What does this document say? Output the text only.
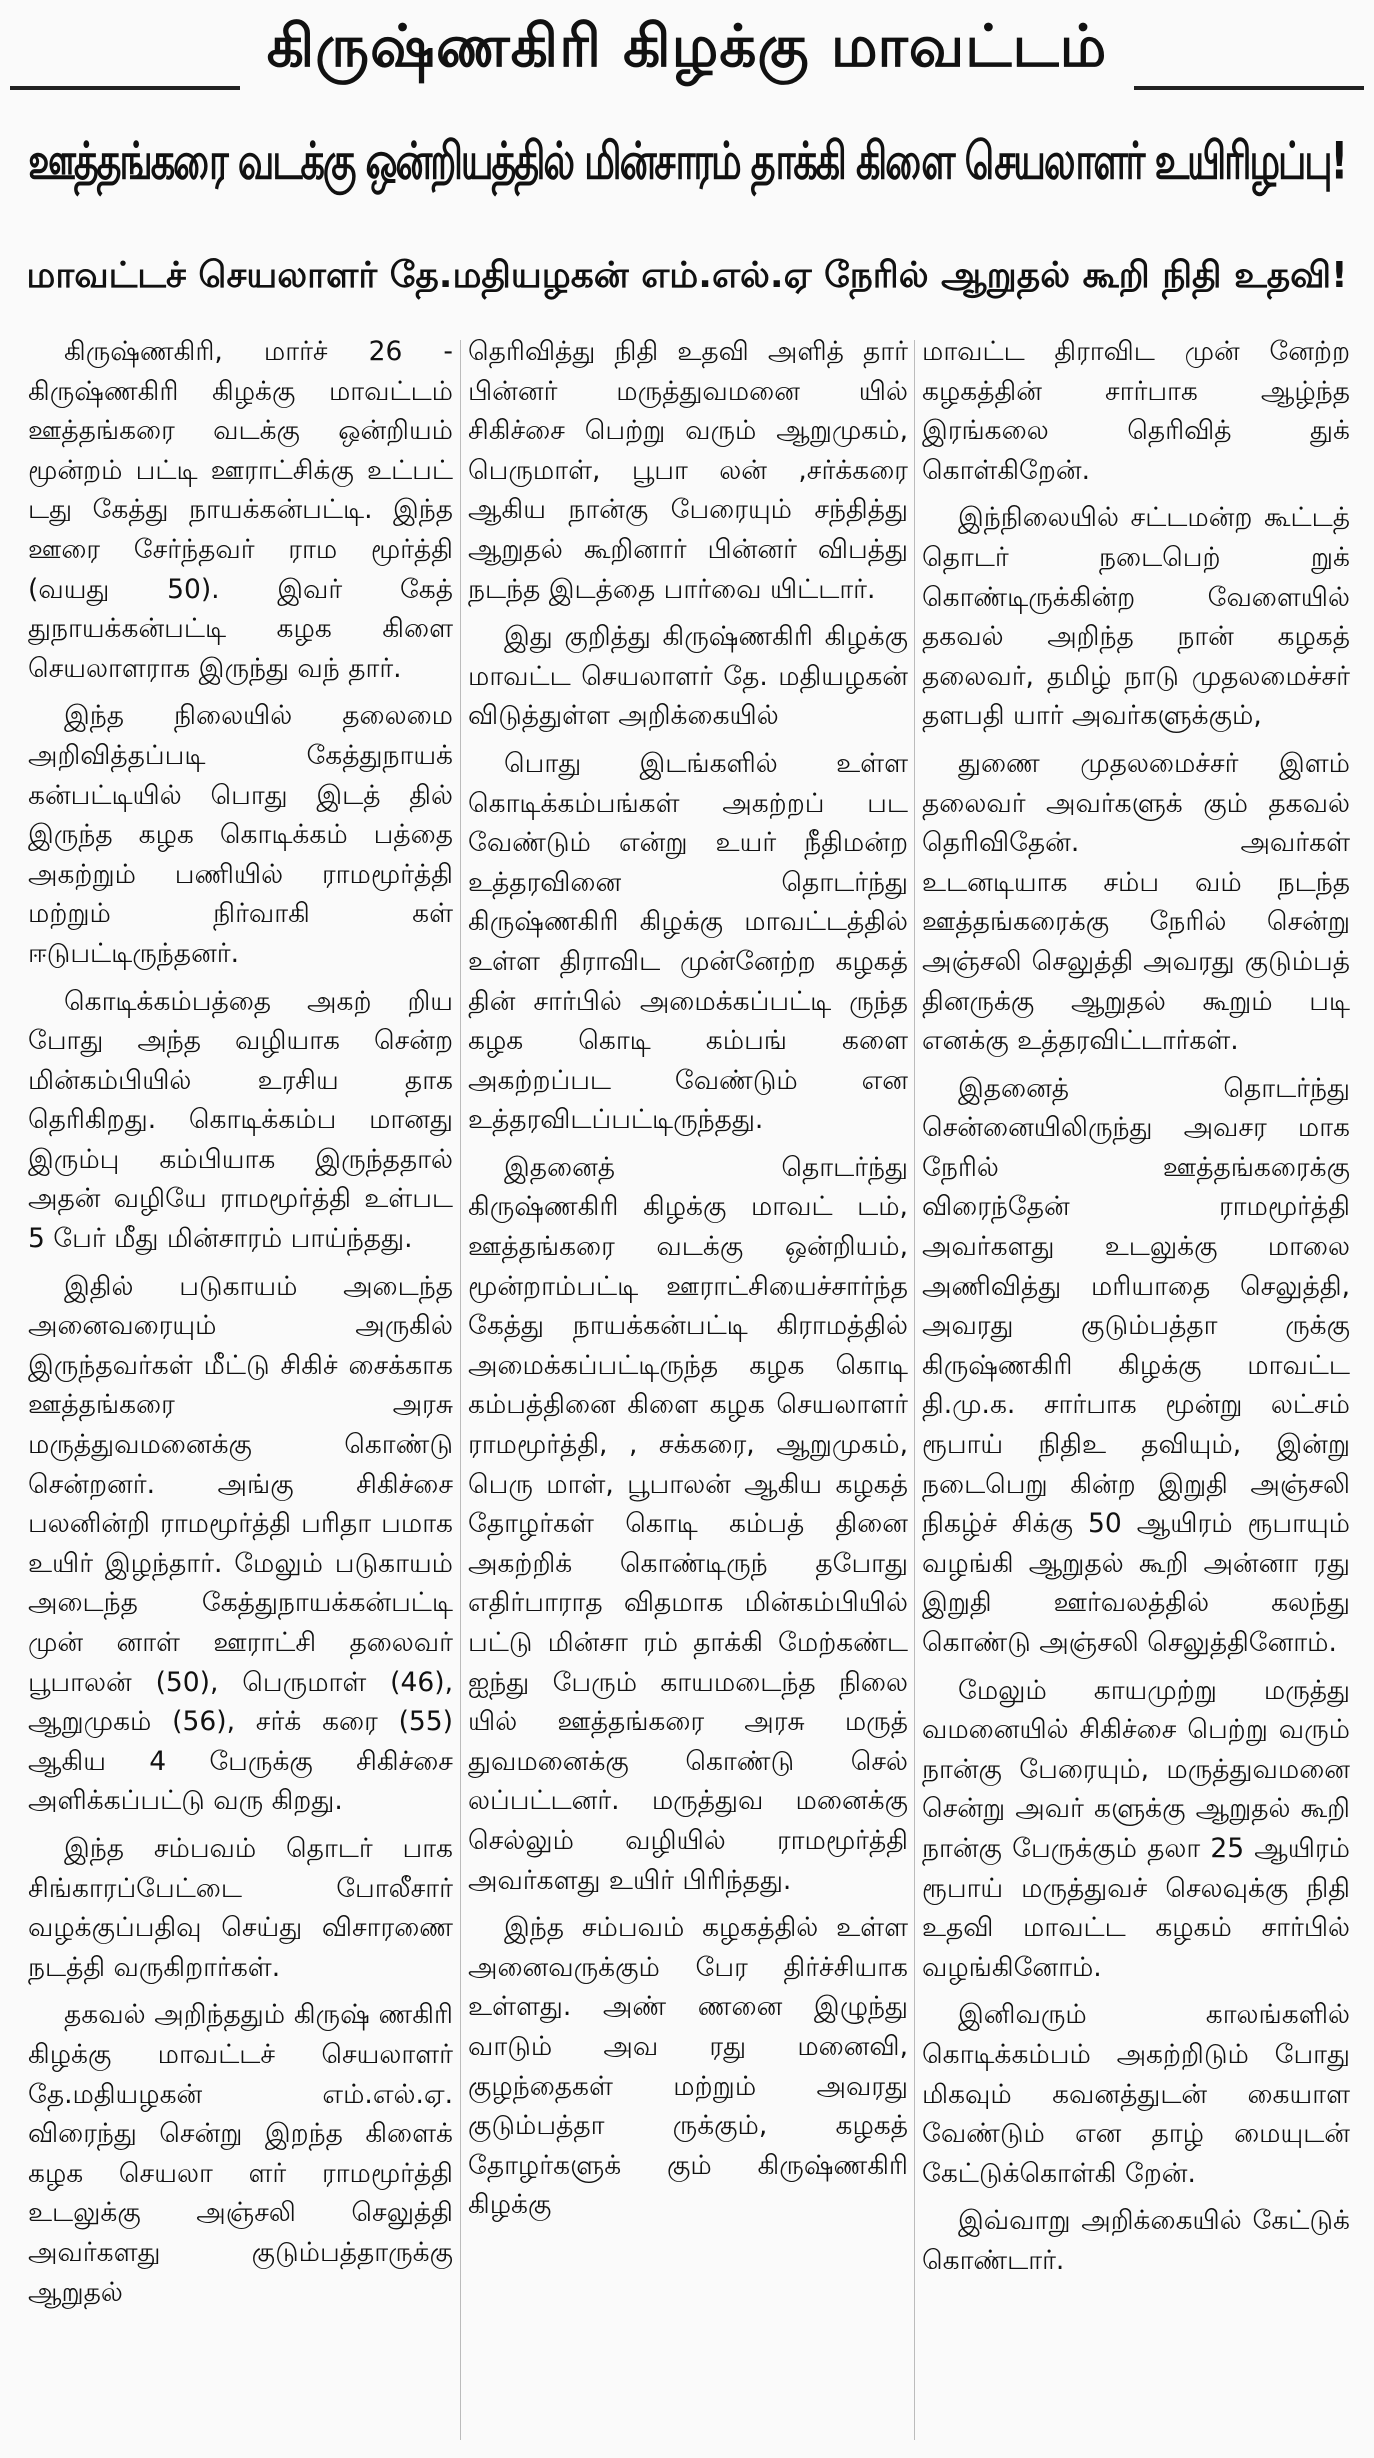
கிருஷ்ணகிரி கிழக்கு மாவட்டம்
ஊத்தங்கரை வடக்கு ஒன்றியத்தில் மின்சாரம் தாக்கி கிளை செயலாளர் உயிரிழப்பு!
மாவட்டச் செயலாளர் தே.மதியழகன் எம்.எல்.ஏ நேரில் ஆறுதல் கூறி நிதி உதவி!

கிருஷ்ணகிரி, மார்ச் 26 - கிருஷ்ணகிரி கிழக்கு மாவட்டம் ஊத்தங்கரை வடக்கு ஒன்றியம் மூன்றம் பட்டி ஊராட்சிக்கு உட்பட் டது கேத்து நாயக்கன்பட்டி. இந்த ஊரை சேர்ந்தவர் ராம மூர்த்தி (வயது 50). இவர் கேத் துநாயக்கன்பட்டி கழக கிளை செயலாளராக இருந்து வந் தார்.

இந்த நிலையில் தலைமை அறிவித்தப்படி கேத்துநாயக் கன்பட்டியில் பொது இடத் தில் இருந்த கழக கொடிக்கம் பத்தை அகற்றும் பணியில் ராமமூர்த்தி மற்றும் நிர்வாகி கள் ஈடுபட்டிருந்தனர்.

கொடிக்கம்பத்தை அகற் றிய போது அந்த வழியாக சென்ற மின்கம்பியில் உரசிய தாக தெரிகிறது. கொடிக்கம்ப மானது இரும்பு கம்பியாக இருந்ததால் அதன் வழியே ராமமூர்த்தி உள்பட 5 பேர் மீது மின்சாரம் பாய்ந்தது.

இதில் படுகாயம் அடைந்த அனைவரையும் அருகில் இருந்தவர்கள் மீட்டு சிகிச் சைக்காக ஊத்தங்கரை அரசு மருத்துவமனைக்கு கொண்டு சென்றனர். அங்கு சிகிச்சை பலனின்றி ராமமூர்த்தி பரிதா பமாக உயிர் இழந்தார். மேலும் படுகாயம் அடைந்த கேத்துநாயக்கன்பட்டி முன் னாள் ஊராட்சி தலைவர் பூபாலன் (50), பெருமாள் (46), ஆறுமுகம் (56), சர்க் கரை (55) ஆகிய 4 பேருக்கு சிகிச்சை அளிக்கப்பட்டு வரு கிறது.

இந்த சம்பவம் தொடர் பாக சிங்காரப்பேட்டை போலீசார் வழக்குப்பதிவு செய்து விசாரணை நடத்தி வருகிறார்கள்.

தகவல் அறிந்ததும் கிருஷ் ணகிரி கிழக்கு மாவட்டச் செயலாளர் தே.மதியழகன் எம்.எல்.ஏ. விரைந்து சென்று இறந்த கிளைக் கழக செயலா ளர் ராமமூர்த்தி உடலுக்கு அஞ்சலி செலுத்தி அவர்களது குடும்பத்தாருக்கு ஆறுதல்

தெரிவித்து நிதி உதவி அளித் தார் பின்னர் மருத்துவமனை யில் சிகிச்சை பெற்று வரும் ஆறுமுகம், பெருமாள், பூபா லன் ,சர்க்கரை ஆகிய நான்கு பேரையும் சந்தித்து ஆறுதல் கூறினார் பின்னர் விபத்து நடந்த இடத்தை பார்வை யிட்டார்.

இது குறித்து கிருஷ்ணகிரி கிழக்கு மாவட்ட செயலாளர் தே. மதியழகன் விடுத்துள்ள அறிக்கையில்

பொது இடங்களில் உள்ள கொடிக்கம்பங்கள் அகற்றப் பட வேண்டும் என்று உயர் நீதிமன்ற உத்தரவினை தொடர்ந்து கிருஷ்ணகிரி கிழக்கு மாவட்டத்தில் உள்ள திராவிட முன்னேற்ற கழகத் தின் சார்பில் அமைக்கப்பட்டி ருந்த கழக கொடி கம்பங் களை அகற்றப்பட வேண்டும் என உத்தரவிடப்பட்டிருந்தது.

இதனைத் தொடர்ந்து கிருஷ்ணகிரி கிழக்கு மாவட் டம், ஊத்தங்கரை வடக்கு ஒன்றியம், மூன்றாம்பட்டி ஊராட்சியைச்சார்ந்த கேத்து நாயக்கன்பட்டி கிராமத்தில் அமைக்கப்பட்டிருந்த கழக கொடி கம்பத்தினை கிளை கழக செயலாளர் ராமமூர்த்தி, , சக்கரை, ஆறுமுகம், பெரு மாள், பூபாலன் ஆகிய கழகத் தோழர்கள் கொடி கம்பத் தினை அகற்றிக் கொண்டிருந் தபோது எதிர்பாராத விதமாக மின்கம்பியில் பட்டு மின்சா ரம் தாக்கி மேற்கண்ட ஐந்து பேரும் காயமடைந்த நிலை யில் ஊத்தங்கரை அரசு மருத் துவமனைக்கு கொண்டு செல் லப்பட்டனர். மருத்துவ மனைக்கு செல்லும் வழியில் ராமமூர்த்தி அவர்களது உயிர் பிரிந்தது.

இந்த சம்பவம் கழகத்தில் உள்ள அனைவருக்கும் பேர திர்ச்சியாக உள்ளது. அண் ணனை இழுந்து வாடும் அவ ரது மனைவி, குழந்தைகள் மற்றும் அவரது குடும்பத்தா ருக்கும், கழகத் தோழர்களுக் கும் கிருஷ்ணகிரி கிழக்கு

மாவட்ட திராவிட முன் னேற்ற கழகத்தின் சார்பாக ஆழ்ந்த இரங்கலை தெரிவித் துக் கொள்கிறேன்.

இந்நிலையில் சட்டமன்ற கூட்டத் தொடர் நடைபெற் றுக் கொண்டிருக்கின்ற வேளையில் தகவல் அறிந்த நான் கழகத் தலைவர், தமிழ் நாடு முதலமைச்சர் தளபதி யார் அவர்களுக்கும்,

துணை முதலமைச்சர் இளம் தலைவர் அவர்களுக் கும் தகவல் தெரிவிதேன். அவர்கள் உடனடியாக சம்ப வம் நடந்த ஊத்தங்கரைக்கு நேரில் சென்று அஞ்சலி செலுத்தி அவரது குடும்பத் தினருக்கு ஆறுதல் கூறும் படி எனக்கு உத்தரவிட்டார்கள்.

இதனைத் தொடர்ந்து சென்னையிலிருந்து அவசர மாக நேரில் ஊத்தங்கரைக்கு விரைந்தேன் ராமமூர்த்தி அவர்களது உடலுக்கு மாலை அணிவித்து மரியாதை செலுத்தி, அவரது குடும்பத்தா ருக்கு கிருஷ்ணகிரி கிழக்கு மாவட்ட தி.மு.க. சார்பாக மூன்று லட்சம் ரூபாய் நிதிஉ தவியும், இன்று நடைபெறு கின்ற இறுதி அஞ்சலி நிகழ்ச் சிக்கு 50 ஆயிரம் ரூபாயும் வழங்கி ஆறுதல் கூறி அன்னா ரது இறுதி ஊர்வலத்தில் கலந்து கொண்டு அஞ்சலி செலுத்தினோம்.

மேலும் காயமுற்று மருத்து வமனையில் சிகிச்சை பெற்று வரும் நான்கு பேரையும், மருத்துவமனை சென்று அவர் களுக்கு ஆறுதல் கூறி நான்கு பேருக்கும் தலா 25 ஆயிரம் ரூபாய் மருத்துவச் செலவுக்கு நிதி உதவி மாவட்ட கழகம் சார்பில் வழங்கினோம்.

இனிவரும் காலங்களில் கொடிக்கம்பம் அகற்றிடும் போது மிகவும் கவனத்துடன் கையாள வேண்டும் என தாழ் மையுடன் கேட்டுக்கொள்கி றேன்.

இவ்வாறு அறிக்கையில் கேட்டுக் கொண்டார்.
